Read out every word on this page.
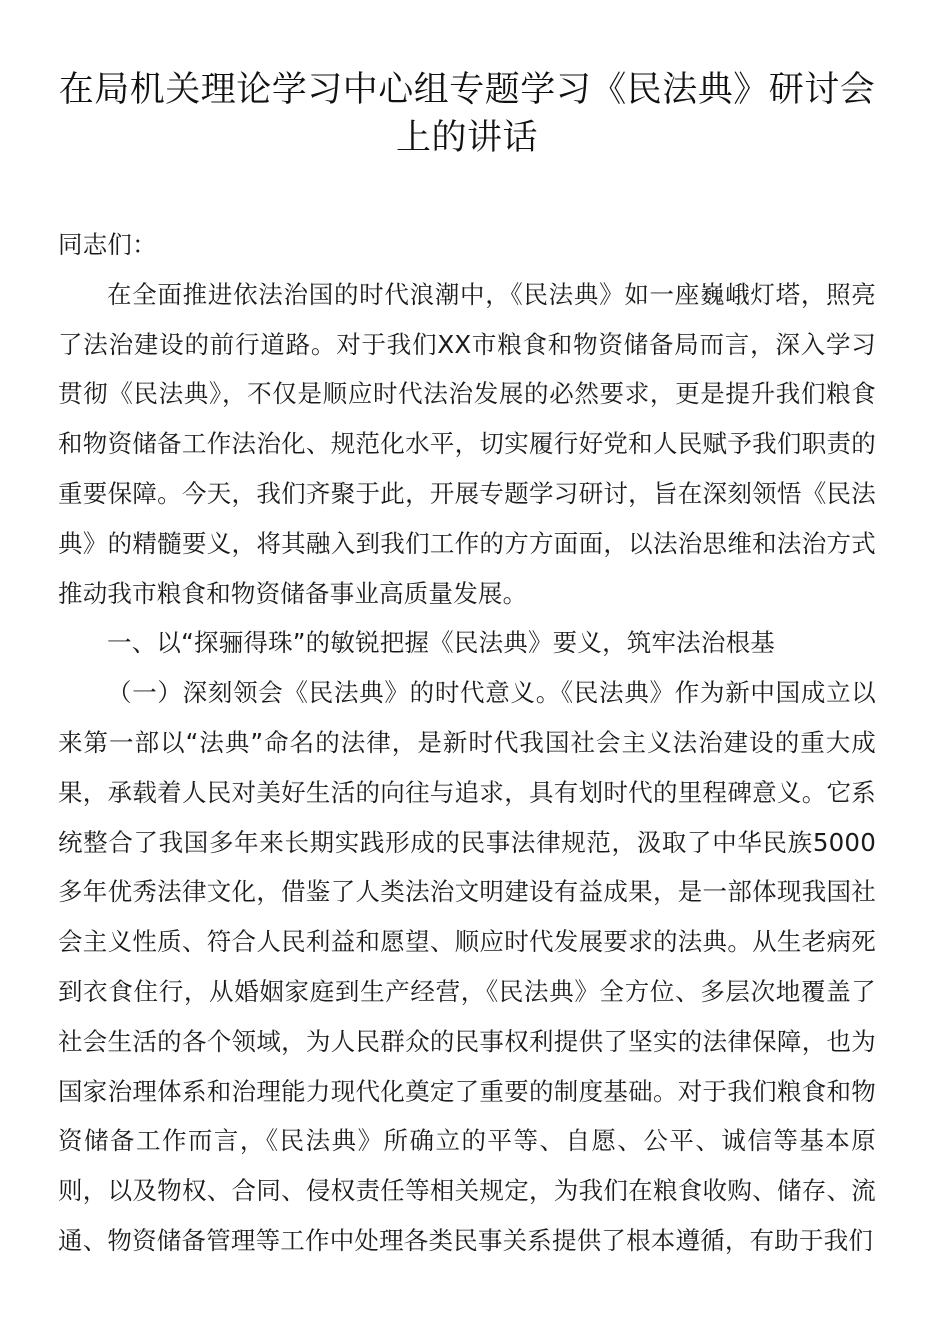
在局机关理论学习中心组专题学习《民法典》研讨会上的讲话

同志们：

在全面推进依法治国的时代浪潮中，《民法典》如一座巍峨灯塔，照亮了法治建设的前行道路。对于我们XX市粮食和物资储备局而言，深入学习贯彻《民法典》，不仅是顺应时代法治发展的必然要求，更是提升我们粮食和物资储备工作法治化、规范化水平，切实履行好党和人民赋予我们职责的重要保障。今天，我们齐聚于此，开展专题学习研讨，旨在深刻领悟《民法典》的精髓要义，将其融入到我们工作的方方面面，以法治思维和法治方式推动我市粮食和物资储备事业高质量发展。

一、以“探骊得珠”的敏锐把握《民法典》要义，筑牢法治根基

（一）深刻领会《民法典》的时代意义。《民法典》作为新中国成立以来第一部以“法典”命名的法律，是新时代我国社会主义法治建设的重大成果，承载着人民对美好生活的向往与追求，具有划时代的里程碑意义。它系统整合了我国多年来长期实践形成的民事法律规范，汲取了中华民族5000多年优秀法律文化，借鉴了人类法治文明建设有益成果，是一部体现我国社会主义性质、符合人民利益和愿望、顺应时代发展要求的法典。从生老病死到衣食住行，从婚姻家庭到生产经营，《民法典》全方位、多层次地覆盖了社会生活的各个领域，为人民群众的民事权利提供了坚实的法律保障，也为国家治理体系和治理能力现代化奠定了重要的制度基础。对于我们粮食和物资储备工作而言，《民法典》所确立的平等、自愿、公平、诚信等基本原则，以及物权、合同、侵权责任等相关规定，为我们在粮食收购、储存、流通、物资储备管理等工作中处理各类民事关系提供了根本遵循，有助于我们
